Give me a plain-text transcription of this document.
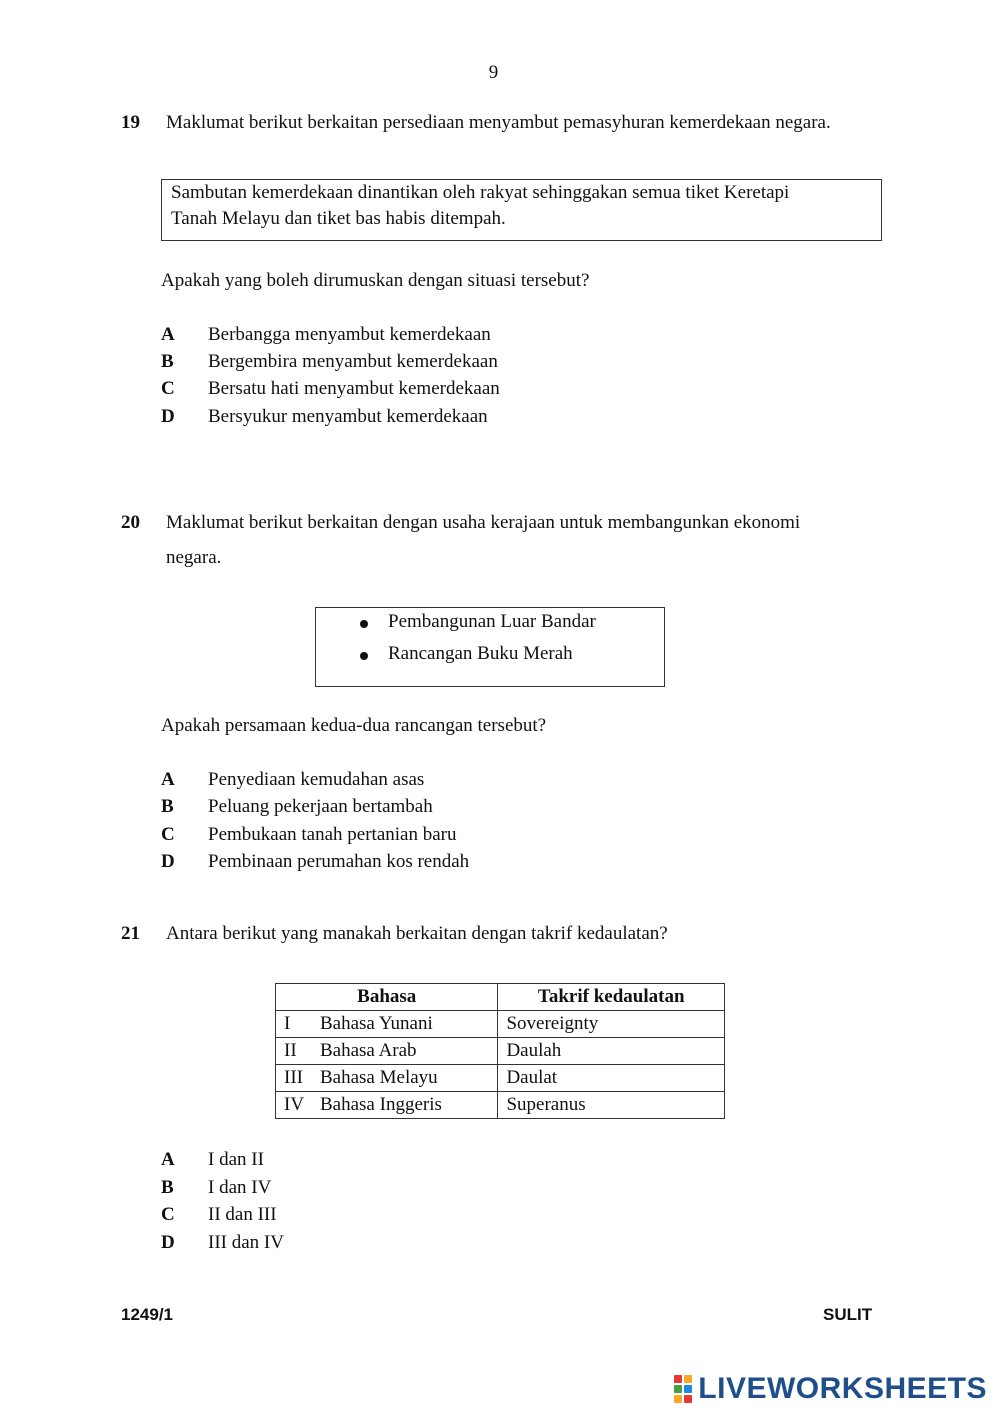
9
19 Maklumat berikut berkaitan persediaan menyambut pemasyhuran kemerdekaan negara.
Sambutan kemerdekaan dinantikan oleh rakyat sehinggakan semua tiket Keretapi
Tanah Melayu dan tiket bas habis ditempah.
Apakah yang boleh dirumuskan dengan situasi tersebut?
A Berbangga menyambut kemerdekaan
B Bergembira menyambut kemerdekaan
C Bersatu hati menyambut kemerdekaan
D Bersyukur menyambut kemerdekaan
20 Maklumat berikut berkaitan dengan usaha kerajaan untuk membangunkan ekonomi
negara.
Pembangunan Luar Bandar
Rancangan Buku Merah
Apakah persamaan kedua-dua rancangan tersebut?
A Penyediaan kemudahan asas
B Peluang pekerjaan bertambah
C Pembukaan tanah pertanian baru
D Pembinaan perumahan kos rendah
21 Antara berikut yang manakah berkaitan dengan takrif kedaulatan?
Bahasa	Takrif kedaulatan
I Bahasa Yunani	Sovereignty
II Bahasa Arab	Daulah
III Bahasa Melayu	Daulat
IV Bahasa Inggeris	Superanus
A I dan II
B I dan IV
C II dan III
D III dan IV
1249/1	SULIT
LIVEWORKSHEETS
